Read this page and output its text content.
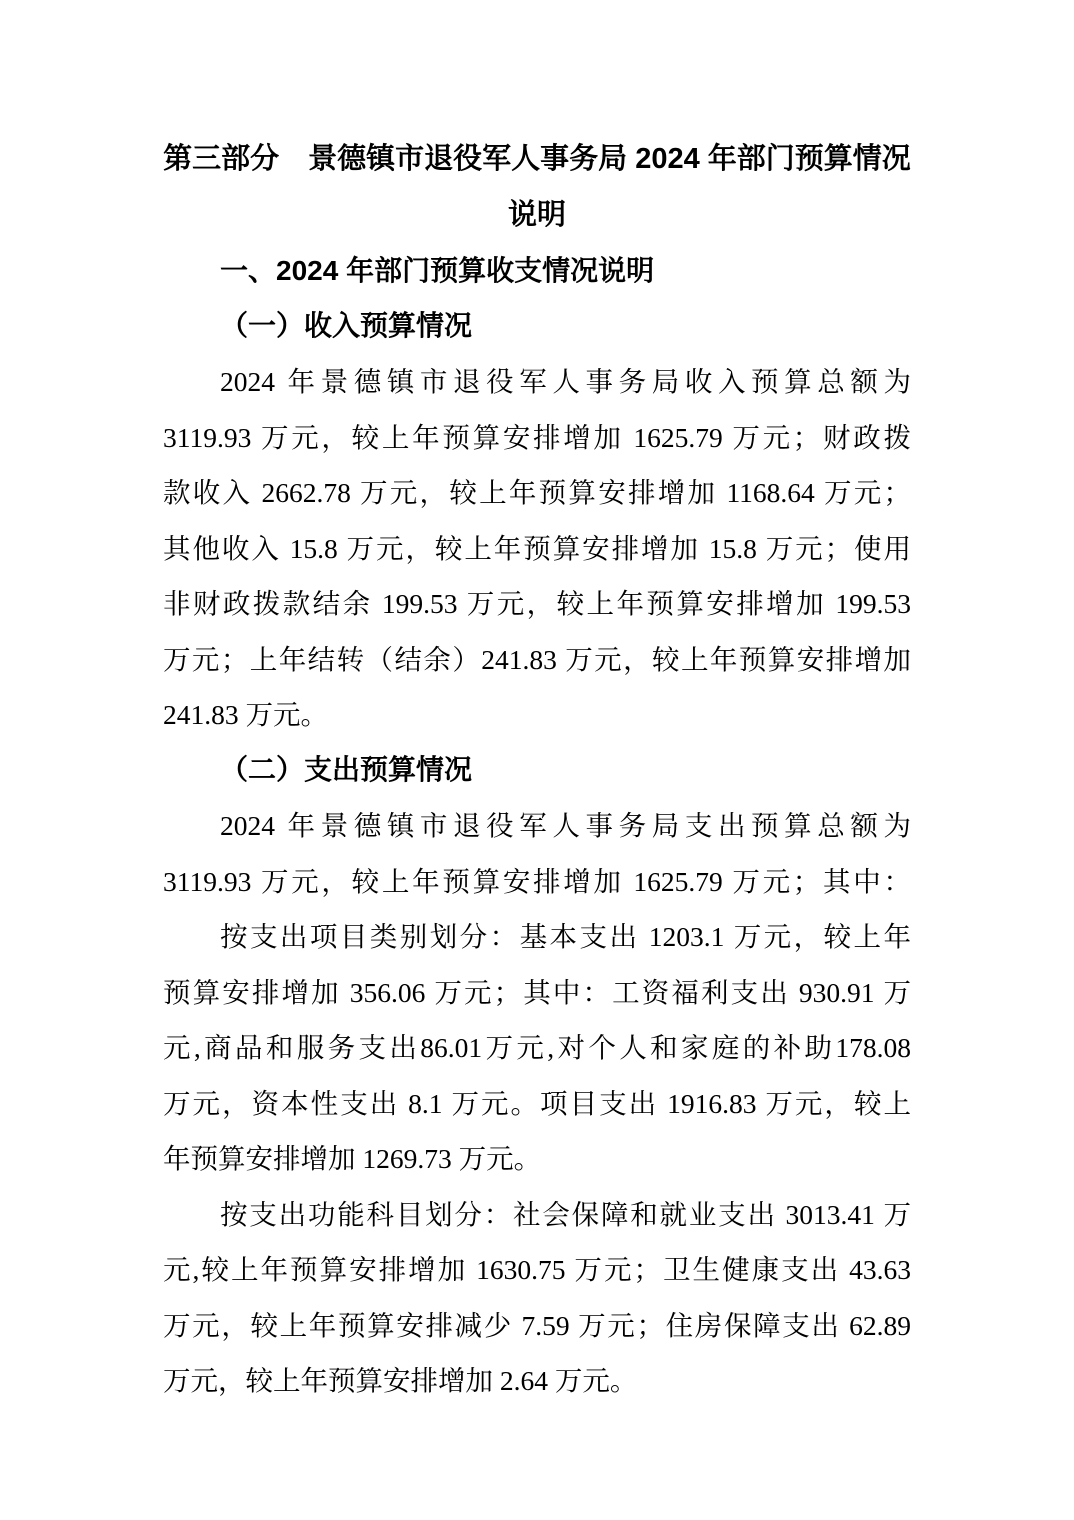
第三部分　景德镇市退役军人事务局 2024 年部门预算情况
说明
一、2024 年部门预算收支情况说明
（一）收入预算情况
2024 年景德镇市退役军人事务局收入预算总额为
3119.93 万元，较上年预算安排增加 1625.79 万元；财政拨
款收入 2662.78 万元，较上年预算安排增加 1168.64 万元；
其他收入 15.8 万元，较上年预算安排增加 15.8 万元；使用
非财政拨款结余 199.53 万元，较上年预算安排增加 199.53
万元；上年结转（结余）241.83 万元，较上年预算安排增加
241.83 万元。
（二）支出预算情况
2024 年景德镇市退役军人事务局支出预算总额为
3119.93 万元，较上年预算安排增加 1625.79 万元；其中：
按支出项目类别划分：基本支出 1203.1 万元，较上年
预算安排增加 356.06 万元；其中：工资福利支出 930.91 万
元,商品和服务支出86.01万元,对个人和家庭的补助178.08
万元，资本性支出 8.1 万元。项目支出 1916.83 万元，较上
年预算安排增加 1269.73 万元。
按支出功能科目划分：社会保障和就业支出 3013.41 万
元,较上年预算安排增加 1630.75 万元；卫生健康支出 43.63
万元，较上年预算安排减少 7.59 万元；住房保障支出 62.89
万元，较上年预算安排增加 2.64 万元。
